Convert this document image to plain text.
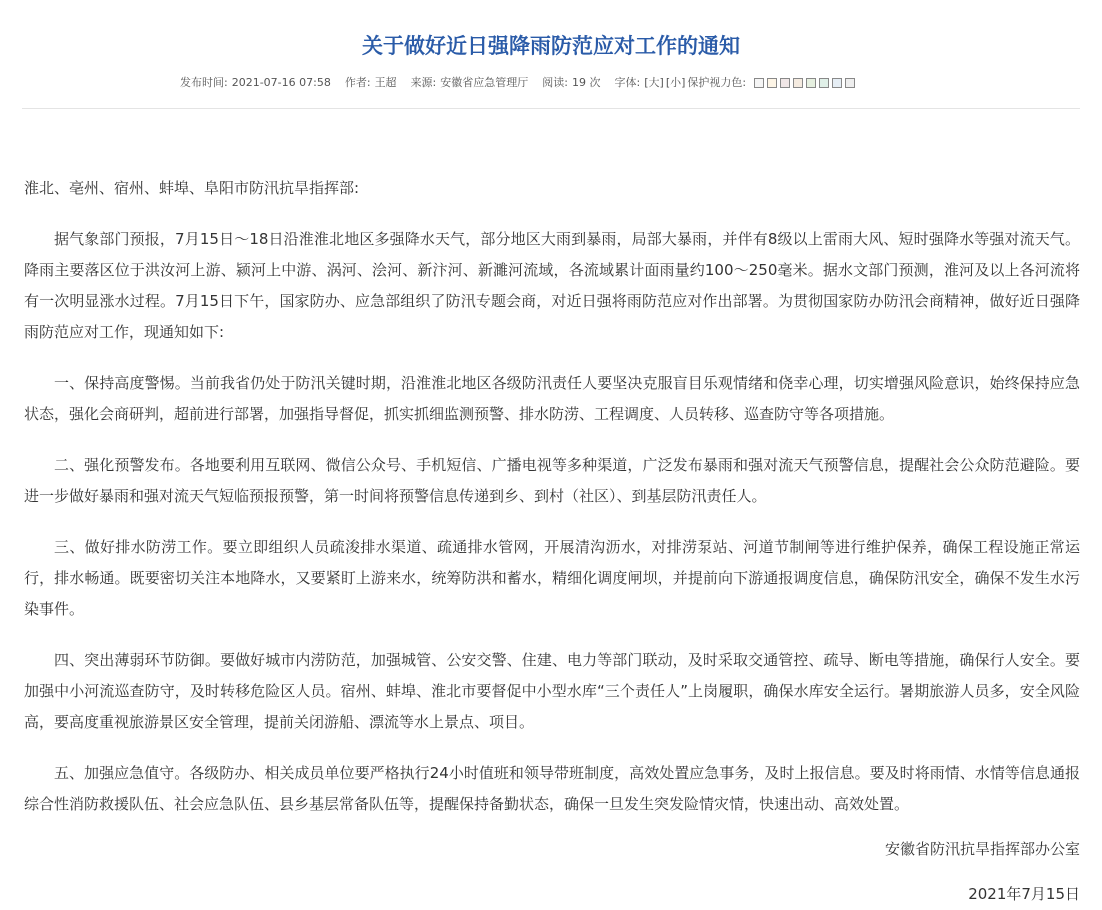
关于做好近日强降雨防范应对工作的通知
发布时间: 2021-07-16 07:58 作者: 王超 来源: 安徽省应急管理厅 阅读: 19 次 字体: [大] [小] 保护视力色:

淮北、亳州、宿州、蚌埠、阜阳市防汛抗旱指挥部:

据气象部门预报，7月15日～18日沿淮淮北地区多强降水天气，部分地区大雨到暴雨，局部大暴雨，并伴有8级以上雷雨大风、短时强降水等强对流天气。降雨主要落区位于洪汝河上游、颍河上中游、涡河、浍河、新汴河、新濉河流域，各流域累计面雨量约100～250毫米。据水文部门预测，淮河及以上各河流将有一次明显涨水过程。7月15日下午，国家防办、应急部组织了防汛专题会商，对近日强将雨防范应对作出部署。为贯彻国家防办防汛会商精神，做好近日强降雨防范应对工作，现通知如下:

一、保持高度警惕。当前我省仍处于防汛关键时期，沿淮淮北地区各级防汛责任人要坚决克服盲目乐观情绪和侥幸心理，切实增强风险意识，始终保持应急状态，强化会商研判，超前进行部署，加强指导督促，抓实抓细监测预警、排水防涝、工程调度、人员转移、巡查防守等各项措施。

二、强化预警发布。各地要利用互联网、微信公众号、手机短信、广播电视等多种渠道，广泛发布暴雨和强对流天气预警信息，提醒社会公众防范避险。要进一步做好暴雨和强对流天气短临预报预警，第一时间将预警信息传递到乡、到村（社区）、到基层防汛责任人。

三、做好排水防涝工作。要立即组织人员疏浚排水渠道、疏通排水管网，开展清沟沥水，对排涝泵站、河道节制闸等进行维护保养，确保工程设施正常运行，排水畅通。既要密切关注本地降水，又要紧盯上游来水，统筹防洪和蓄水，精细化调度闸坝，并提前向下游通报调度信息，确保防汛安全，确保不发生水污染事件。

四、突出薄弱环节防御。要做好城市内涝防范，加强城管、公安交警、住建、电力等部门联动，及时采取交通管控、疏导、断电等措施，确保行人安全。要加强中小河流巡查防守，及时转移危险区人员。宿州、蚌埠、淮北市要督促中小型水库“三个责任人”上岗履职，确保水库安全运行。暑期旅游人员多，安全风险高，要高度重视旅游景区安全管理，提前关闭游船、漂流等水上景点、项目。

五、加强应急值守。各级防办、相关成员单位要严格执行24小时值班和领导带班制度，高效处置应急事务，及时上报信息。要及时将雨情、水情等信息通报综合性消防救援队伍、社会应急队伍、县乡基层常备队伍等，提醒保持备勤状态，确保一旦发生突发险情灾情，快速出动、高效处置。

安徽省防汛抗旱指挥部办公室

2021年7月15日
